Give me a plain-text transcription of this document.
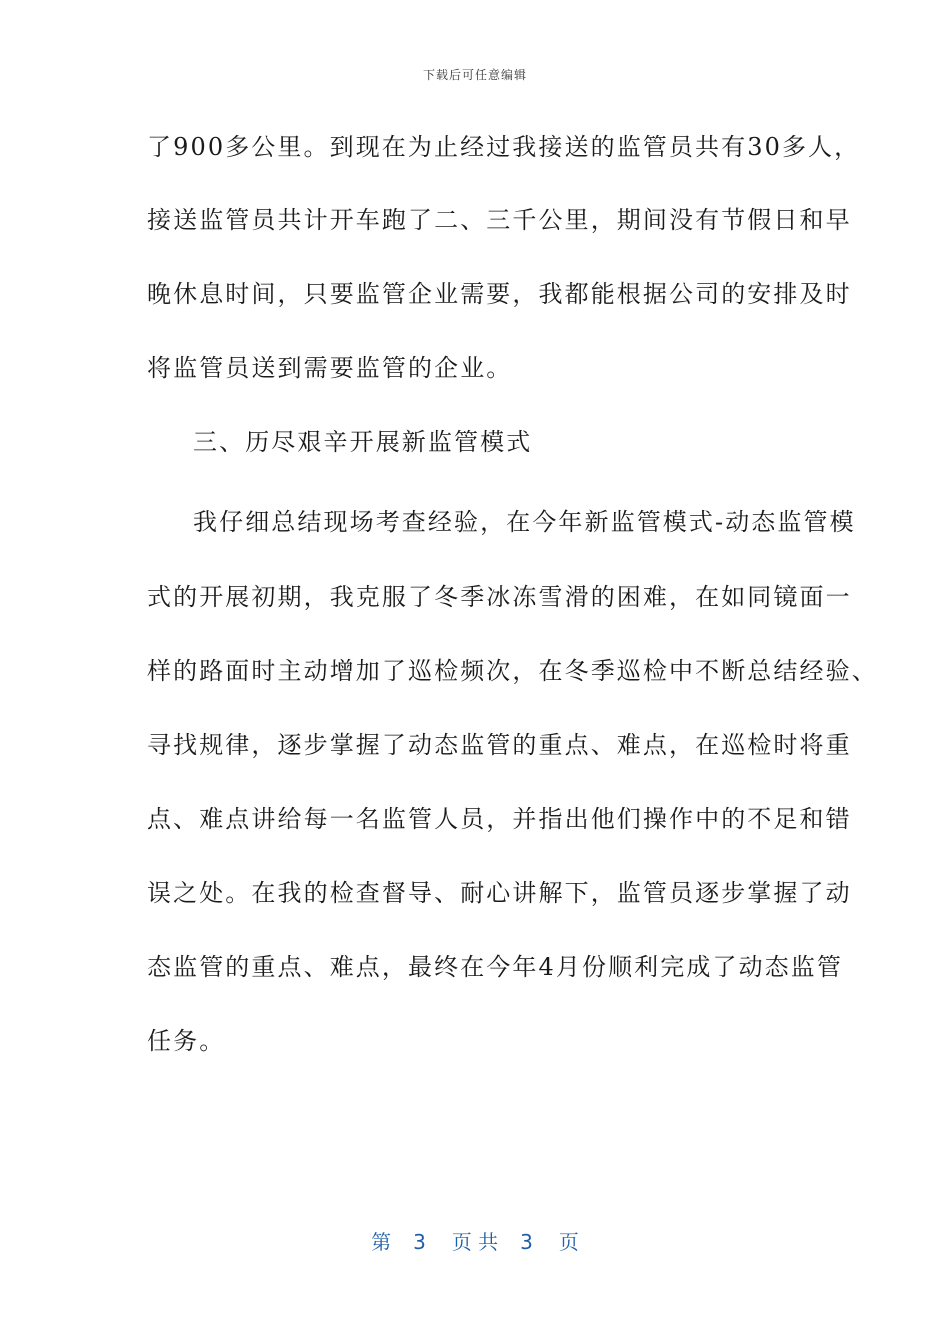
下载后可任意编辑
了900多公里。到现在为止经过我接送的监管员共有30多人，
接送监管员共计开车跑了二、三千公里，期间没有节假日和早
晚休息时间，只要监管企业需要，我都能根据公司的安排及时
将监管员送到需要监管的企业。
三、历尽艰辛开展新监管模式
我仔细总结现场考查经验，在今年新监管模式-动态监管模
式的开展初期，我克服了冬季冰冻雪滑的困难，在如同镜面一
样的路面时主动增加了巡检频次，在冬季巡检中不断总结经验、
寻找规律，逐步掌握了动态监管的重点、难点，在巡检时将重
点、难点讲给每一名监管人员，并指出他们操作中的不足和错
误之处。在我的检查督导、耐心讲解下，监管员逐步掌握了动
态监管的重点、难点，最终在今年4月份顺利完成了动态监管
任务。
第 3 页 共 3 页
